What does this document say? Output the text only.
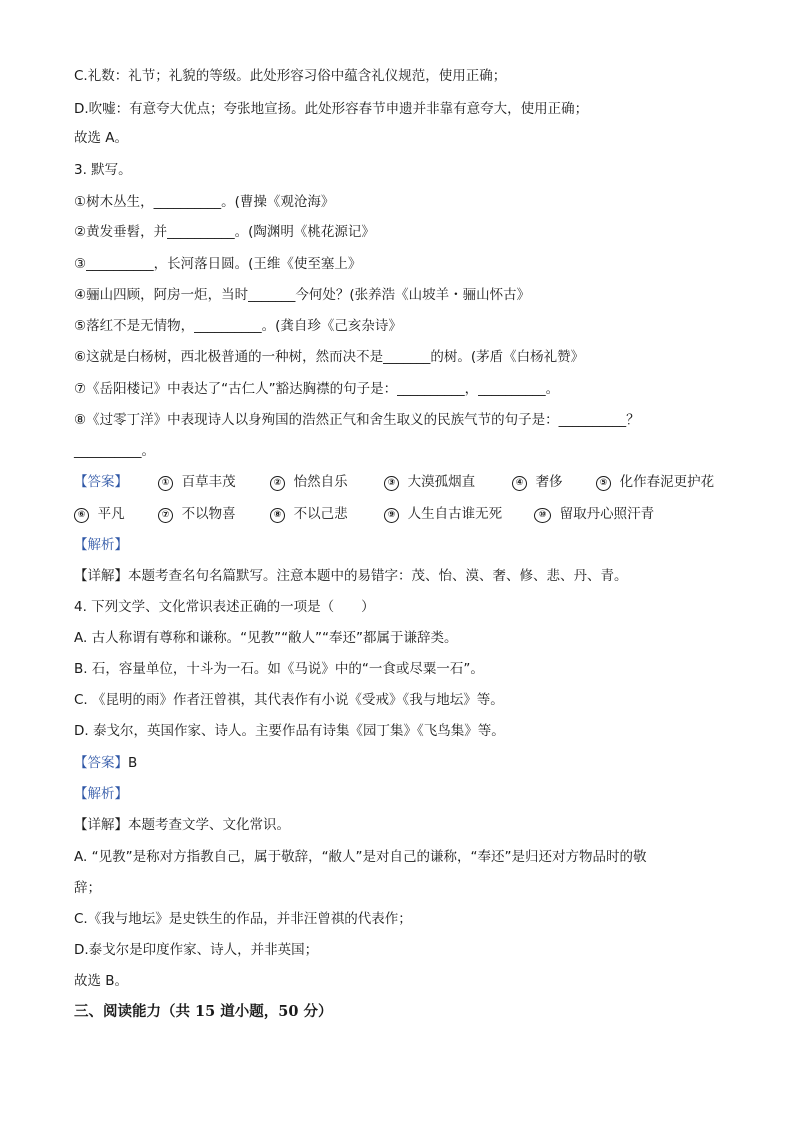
C.礼数：礼节；礼貌的等级。此处形容习俗中蕴含礼仪规范，使用正确；
D.吹嘘：有意夸大优点；夸张地宣扬。此处形容春节申遗并非靠有意夸大，使用正确；
故选 A。
3. 默写。
①树木丛生，__________。(曹操《观沧海》
②黄发垂髫，并__________。(陶渊明《桃花源记》
③__________，长河落日圆。(王维《使至塞上》
④骊山四顾，阿房一炬，当时_______今何处？(张养浩《山坡羊・骊山怀古》
⑤落红不是无情物，__________。(龚自珍《己亥杂诗》
⑥这就是白杨树，西北极普通的一种树，然而决不是_______的树。(茅盾《白杨礼赞》
⑦《岳阳楼记》中表达了“古仁人”豁达胸襟的句子是：__________，__________。
⑧《过零丁洋》中表现诗人以身殉国的浩然正气和舍生取义的民族气节的句子是：__________？
__________。
【答案】	① 百草丰茂	② 怡然自乐	③ 大漠孤烟直	④ 奢侈	⑤ 化作春泥更护花
⑥ 平凡	⑦ 不以物喜	⑧ 不以己悲	⑨ 人生自古谁无死	⑩ 留取丹心照汗青
【解析】
【详解】本题考查名句名篇默写。注意本题中的易错字：茂、怡、漠、奢、修、悲、丹、青。
4. 下列文学、文化常识表述正确的一项是（　　）
A. 古人称谓有尊称和谦称。“见教”“敝人”“奉还”都属于谦辞类。
B. 石，容量单位，十斗为一石。如《马说》中的“一食或尽粟一石”。
C. 《昆明的雨》作者汪曾祺，其代表作有小说《受戒》《我与地坛》等。
D. 泰戈尔，英国作家、诗人。主要作品有诗集《园丁集》《飞鸟集》等。
【答案】B
【解析】
【详解】本题考查文学、文化常识。
A. “见教”是称对方指教自己，属于敬辞，“敝人”是对自己的谦称，“奉还”是归还对方物品时的敬
辞；
C.《我与地坛》是史铁生的作品，并非汪曾祺的代表作；
D.泰戈尔是印度作家、诗人，并非英国；
故选 B。
三、阅读能力（共 15 道小题，50 分）
